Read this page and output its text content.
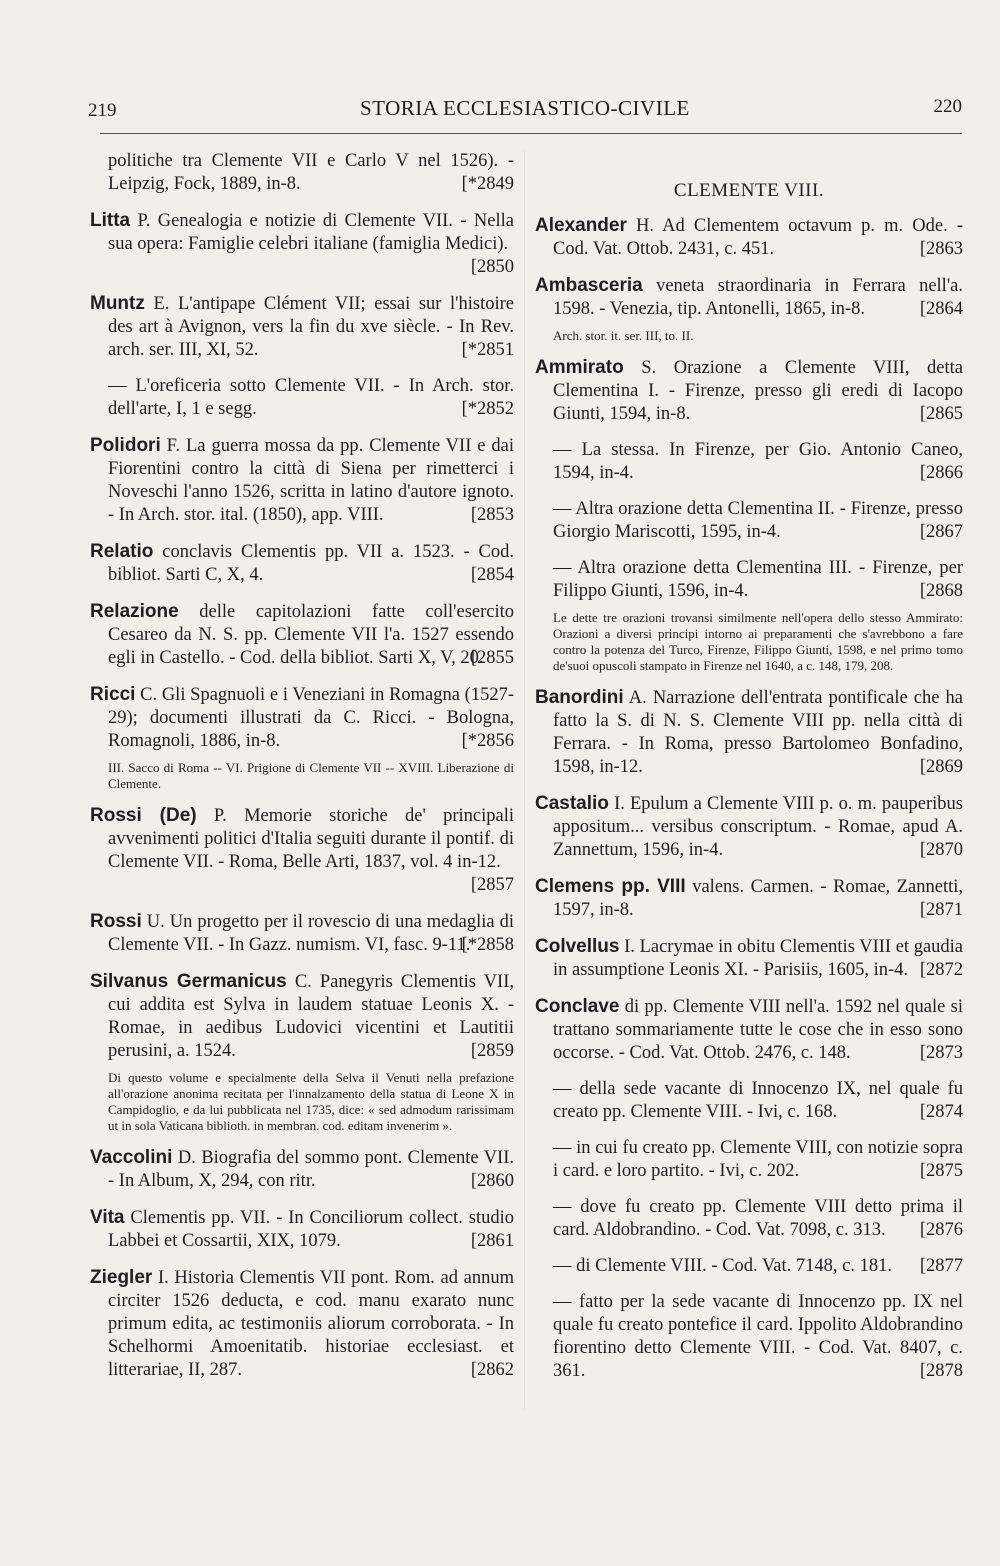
219	STORIA ECCLESIASTICO-CIVILE	220
politiche tra Clemente VII e Carlo V nel 1526). - Leipzig, Fock, 1889, in-8.	[*2849
Litta P. Genealogia e notizie di Clemente VII. - Nella sua opera: Famiglie celebri italiane (famiglia Medici).
[2850
Muntz E. L'antipape Clément VII; essai sur l'histoire des art à Avignon, vers la fin du xve siècle. - In Rev. arch. ser. III, XI, 52.	[*2851
— L'oreficeria sotto Clemente VII. - In Arch. stor. dell'arte, I, 1 e segg.	[*2852
Polidori F. La guerra mossa da pp. Clemente VII e dai Fiorentini contro la città di Siena per rimetterci i Noveschi l'anno 1526, scritta in latino d'autore ignoto. - In Arch. stor. ital. (1850), app. VIII.	[2853
Relatio conclavis Clementis pp. VII a. 1523. - Cod. bibliot. Sarti C, X, 4.	[2854
Relazione delle capitolazioni fatte coll'esercito Cesareo da N. S. pp. Clemente VII l'a. 1527 essendo egli in Castello. - Cod. della bibliot. Sarti X, V, 20.
[2855
Ricci C. Gli Spagnuoli e i Veneziani in Romagna (1527-29); documenti illustrati da C. Ricci. - Bologna, Romagnoli, 1886, in-8.	[*2856
III. Sacco di Roma -- VI. Prigione di Clemente VII -- XVIII. Liberazione di Clemente.
Rossi (De) P. Memorie storiche de' principali avvenimenti politici d'Italia seguiti durante il pontif. di Clemente VII. - Roma, Belle Arti, 1837, vol. 4 in-12.
[2857
Rossi U. Un progetto per il rovescio di una medaglia di Clemente VII. - In Gazz. numism. VI, fasc. 9-11.
[*2858
Silvanus Germanicus C. Panegyris Clementis VII, cui addita est Sylva in laudem statuae Leonis X. - Romae, in aedibus Ludovici vicentini et Lautitii perusini, a. 1524.	[2859
Di questo volume e specialmente della Selva il Venuti nella prefazione all'orazione anonima recitata per l'innalzamento della statua di Leone X in Campidoglio, e da lui pubblicata nel 1735, dice: « sed admodum rarissimam ut in sola Vaticana biblioth. in membran. cod. editam invenerim ».
Vaccolini D. Biografia del sommo pont. Clemente VII. - In Album, X, 294, con ritr.	[2860
Vita Clementis pp. VII. - In Conciliorum collect. studio Labbei et Cossartii, XIX, 1079.	[2861
Ziegler I. Historia Clementis VII pont. Rom. ad annum circiter 1526 deducta, e cod. manu exarato nunc primum edita, ac testimoniis aliorum corroborata. - In Schelhormi Amoenitatib. historiae ecclesiast. et litterariae, II, 287.	[2862
CLEMENTE VIII.
Alexander H. Ad Clementem octavum p. m. Ode. - Cod. Vat. Ottob. 2431, c. 451.	[2863
Ambasceria veneta straordinaria in Ferrara nell'a. 1598. - Venezia, tip. Antonelli, 1865, in-8.	[2864
Arch. stor. it. ser. III, to. II.
Ammirato S. Orazione a Clemente VIII, detta Clementina I. - Firenze, presso gli eredi di Iacopo Giunti, 1594, in-8.	[2865
— La stessa. In Firenze, per Gio. Antonio Caneo, 1594, in-4.	[2866
— Altra orazione detta Clementina II. - Firenze, presso Giorgio Mariscotti, 1595, in-4.	[2867
— Altra orazione detta Clementina III. - Firenze, per Filippo Giunti, 1596, in-4.	[2868
Le dette tre orazioni trovansi similmente nell'opera dello stesso Ammirato: Orazioni a diversi principi intorno ai preparamenti che s'avrebbono a fare contro la potenza del Turco, Firenze, Filippo Giunti, 1598, e nel primo tomo de'suoi opuscoli stampato in Firenze nel 1640, a c. 148, 179, 208.
Banordini A. Narrazione dell'entrata pontificale che ha fatto la S. di N. S. Clemente VIII pp. nella città di Ferrara. - In Roma, presso Bartolomeo Bonfadino, 1598, in-12.	[2869
Castalio I. Epulum a Clemente VIII p. o. m. pauperibus appositum... versibus conscriptum. - Romae, apud A. Zannettum, 1596, in-4.	[2870
Clemens pp. VIII valens. Carmen. - Romae, Zannetti, 1597, in-8.	[2871
Colvellus I. Lacrymae in obitu Clementis VIII et gaudia in assumptione Leonis XI. - Parisiis, 1605, in-4. [2872
Conclave di pp. Clemente VIII nell'a. 1592 nel quale si trattano sommariamente tutte le cose che in esso sono occorse. - Cod. Vat. Ottob. 2476, c. 148.	[2873
— della sede vacante di Innocenzo IX, nel quale fu creato pp. Clemente VIII. - Ivi, c. 168.	[2874
— in cui fu creato pp. Clemente VIII, con notizie sopra i card. e loro partito. - Ivi, c. 202.	[2875
— dove fu creato pp. Clemente VIII detto prima il card. Aldobrandino. - Cod. Vat. 7098, c. 313. [2876
— di Clemente VIII. - Cod. Vat. 7148, c. 181. [2877
— fatto per la sede vacante di Innocenzo pp. IX nel quale fu creato pontefice il card. Ippolito Aldobrandino fiorentino detto Clemente VIII. - Cod. Vat. 8407, c. 361.	[2878
